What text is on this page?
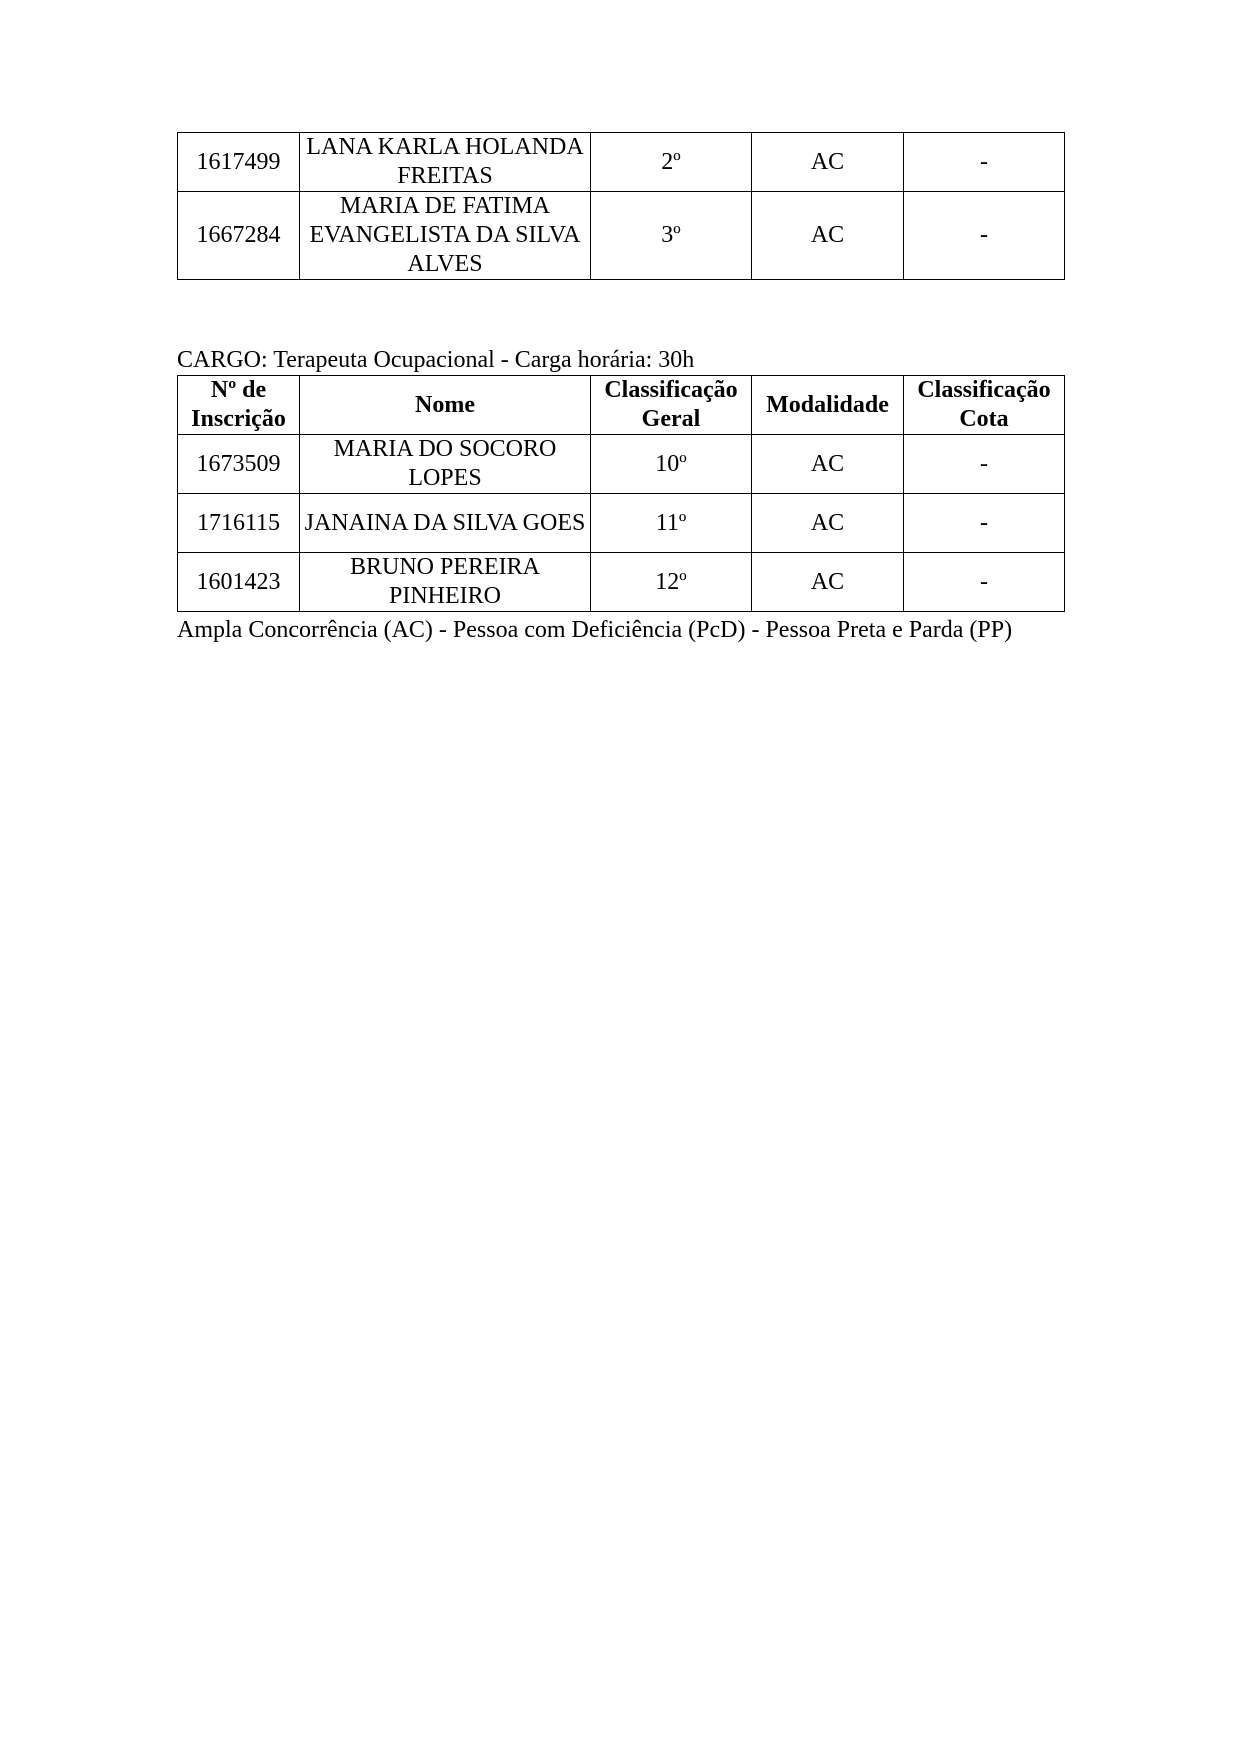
1617499	LANA KARLA HOLANDA FREITAS	2º	AC	-
1667284	MARIA DE FATIMA EVANGELISTA DA SILVA ALVES	3º	AC	-
CARGO: Terapeuta Ocupacional - Carga horária: 30h
Nº de Inscrição	Nome	Classificação Geral	Modalidade	Classificação Cota
1673509	MARIA DO SOCORO LOPES	10º	AC	-
1716115	JANAINA DA SILVA GOES	11º	AC	-
1601423	BRUNO PEREIRA PINHEIRO	12º	AC	-
Ampla Concorrência (AC) - Pessoa com Deficiência (PcD) - Pessoa Preta e Parda (PP)
